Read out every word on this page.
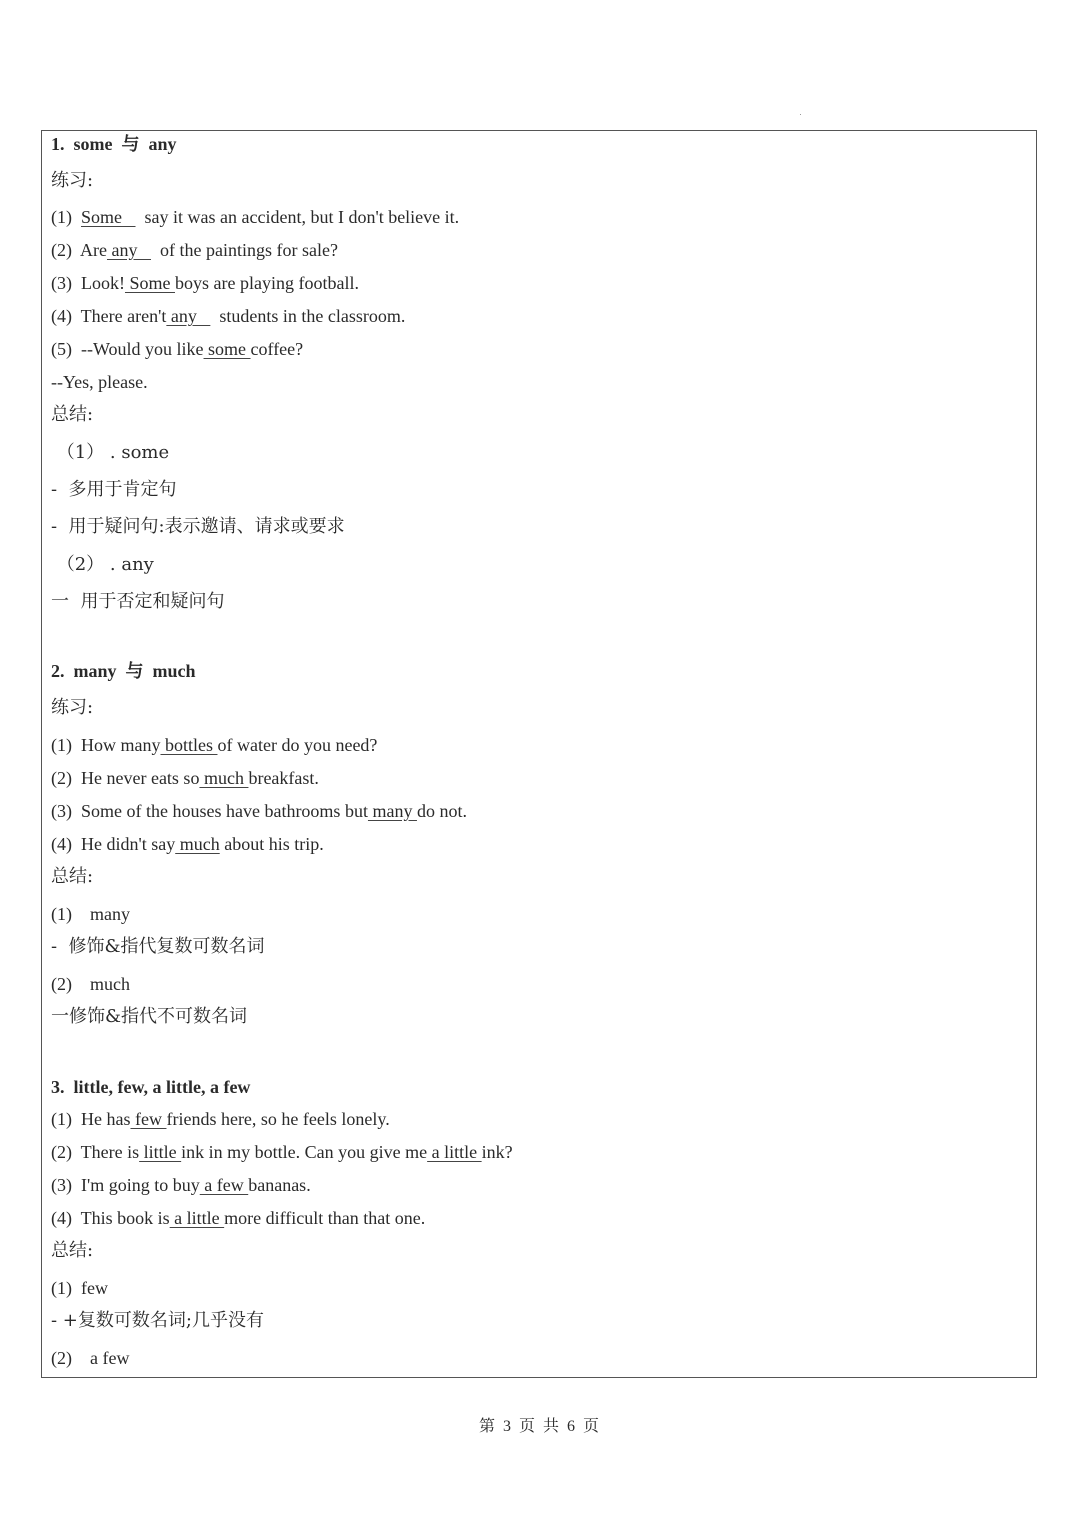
1.  some  与  any
练习:
(1)  Some     say it was an accident, but I don't believe it.
(2)  Are any     of the paintings for sale?
(3)  Look! Some boys are playing football.
(4)  There aren't any     students in the classroom.
(5)  --Would you like some coffee?
--Yes, please.
总结:
（1） . some
-  多用于肯定句
-  用于疑问句:表示邀请、请求或要求
（2） . any
一  用于否定和疑问句
2.  many  与  much
练习:
(1)  How many bottles of water do you need?
(2)  He never eats so much breakfast.
(3)  Some of the houses have bathrooms but many do not.
(4)  He didn't say much about his trip.
总结:
(1)    many
-  修饰&指代复数可数名词
(2)    much
一修饰&指代不可数名词
3.  little, few, a little, a few
(1)  He has few friends here, so he feels lonely.
(2)  There is little ink in my bottle. Can you give me a little ink?
(3)  I'm going to buy a few bananas.
(4)  This book is a little more difficult than that one.
总结:
(1)  few
- +复数可数名词;几乎没有
(2)    a few
第 3 页 共 6 页
